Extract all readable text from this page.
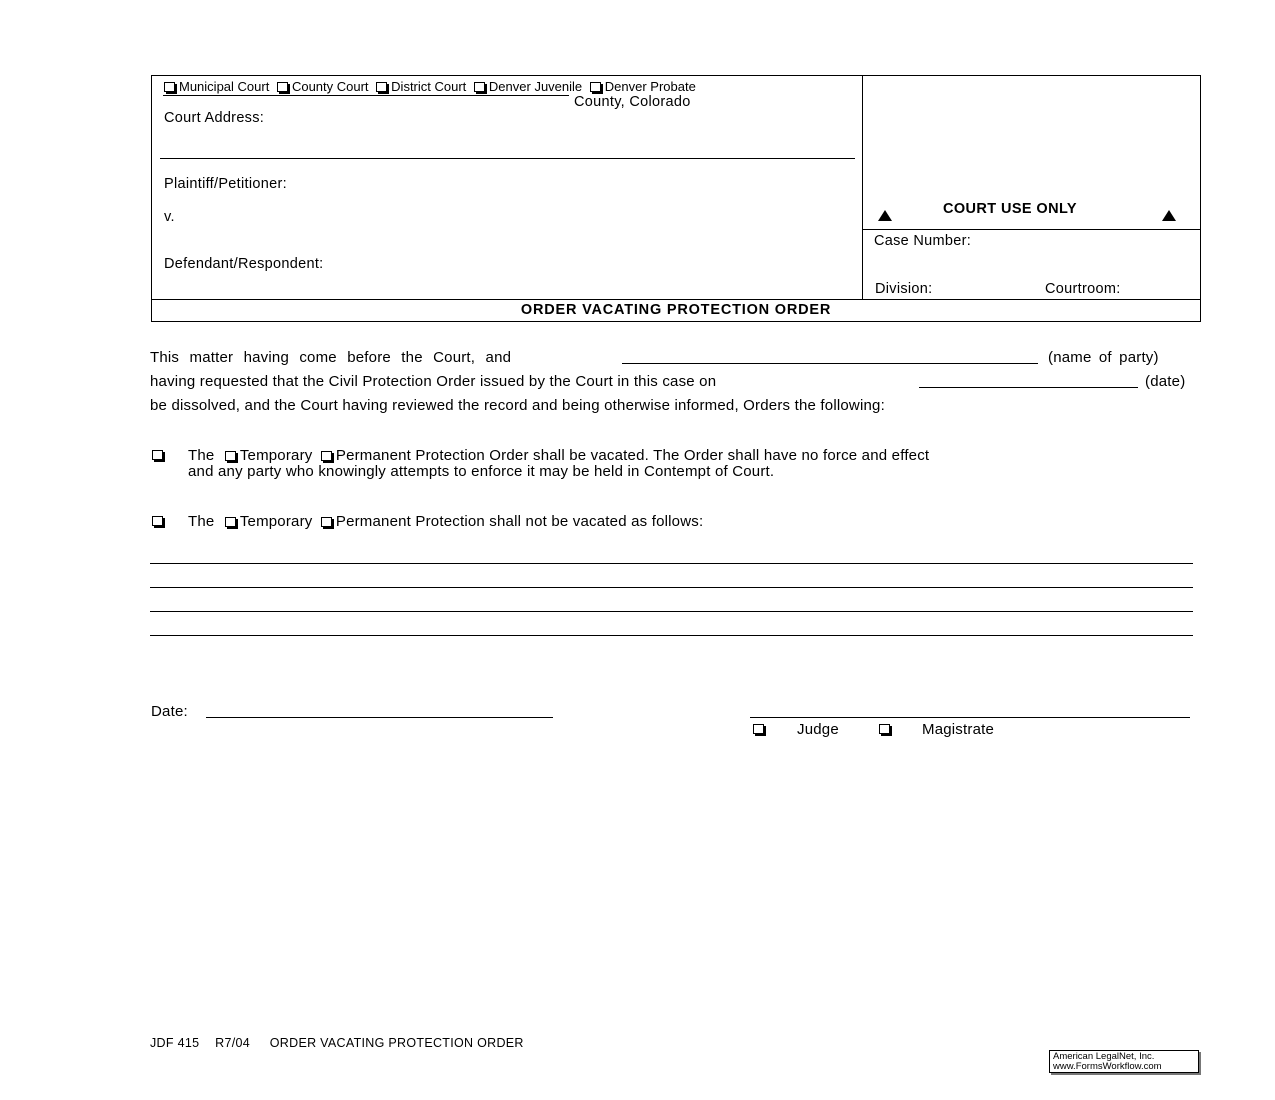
Municipal Court County Court District Court Denver Juvenile Denver Probate
County, Colorado
Court Address:
Plaintiff/Petitioner:
v.
Defendant/Respondent:
COURT USE ONLY
Case Number:
Division:	Courtroom:
ORDER VACATING PROTECTION ORDER
This matter having come before the Court, and	(name of party)
having requested that the Civil Protection Order issued by the Court in this case on	(date)
be dissolved, and the Court having reviewed the record and being otherwise informed, Orders the following:
The Temporary Permanent Protection Order shall be vacated. The Order shall have no force and effect
and any party who knowingly attempts to enforce it may be held in Contempt of Court.
The Temporary Permanent Protection shall not be vacated as follows:
Date:
Judge	Magistrate
JDF 415 R7/04 ORDER VACATING PROTECTION ORDER
American LegalNet, Inc.
www.FormsWorkflow.com
